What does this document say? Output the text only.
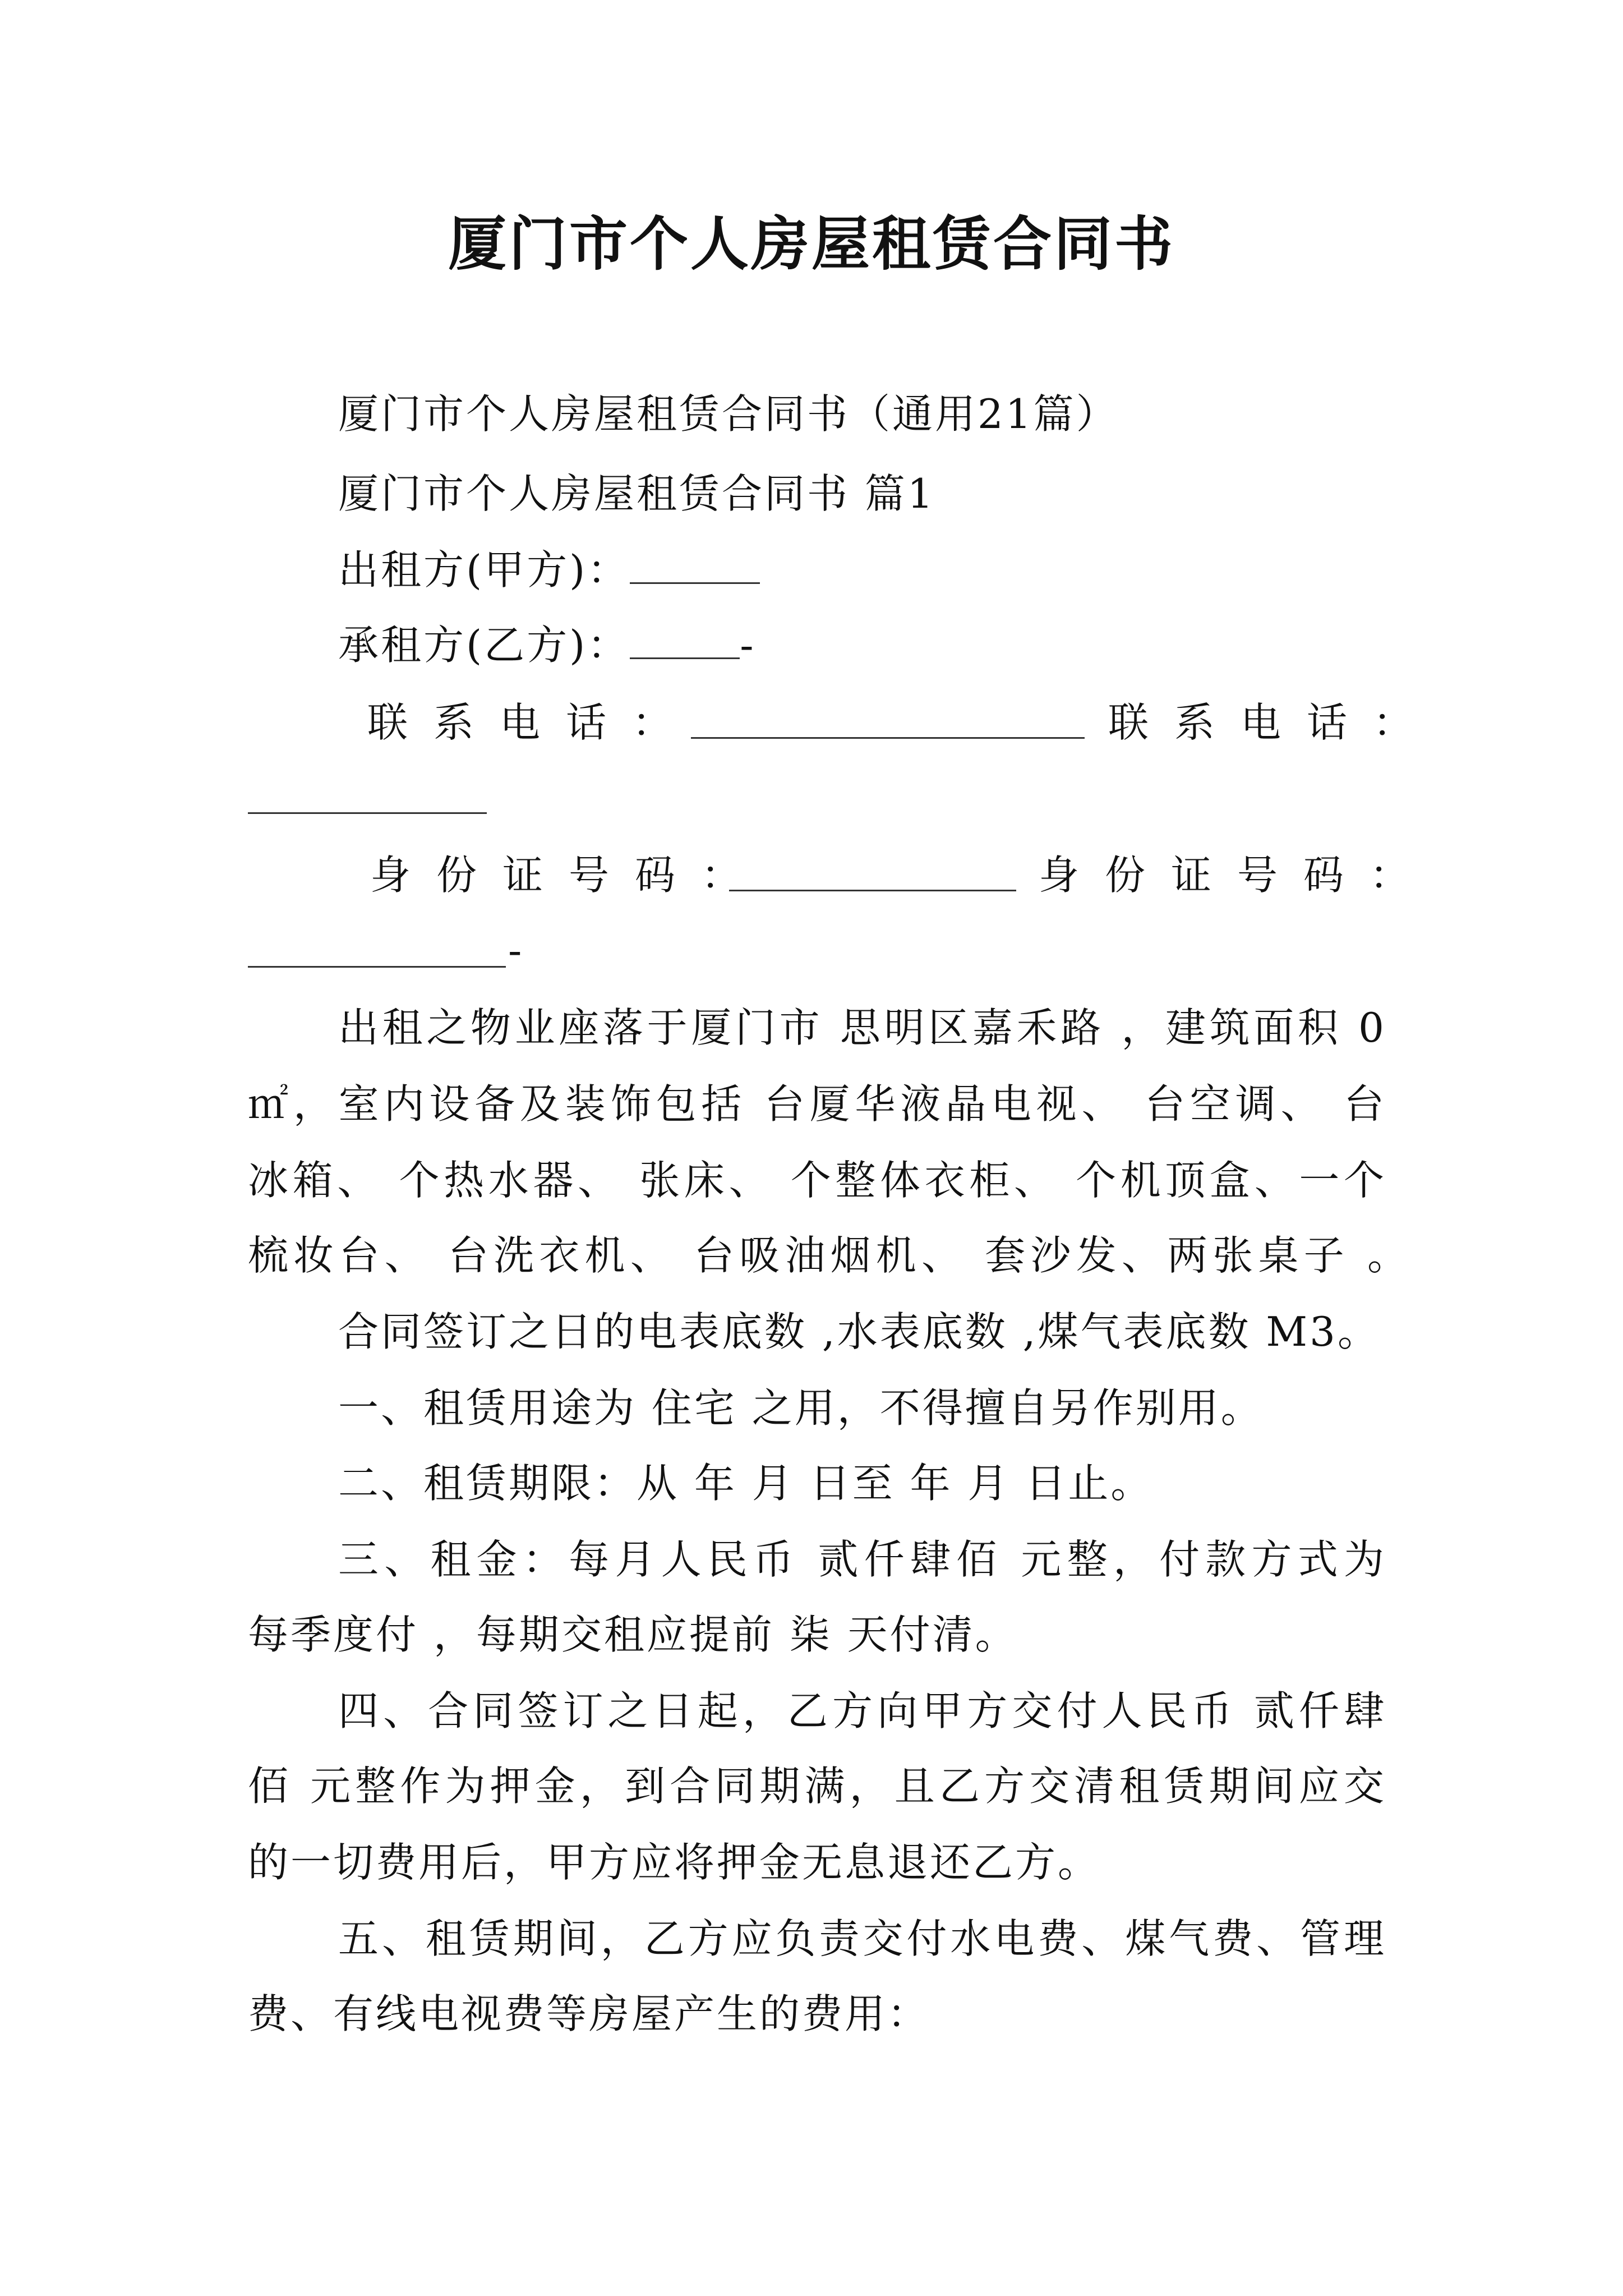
厦门市个人房屋租赁合同书
厦门市个人房屋租赁合同书（通用21篇）
厦门市个人房屋租赁合同书 篇1
出租方(甲方)：
承租方(乙方)：	-
联系电话：	联系电话：
身份证号码：	身份证号码：
-
出租之物业座落于厦门市 思明区嘉禾路 ，建筑面积 0
㎡，室内设备及装饰包括 台厦华液晶电视、 台空调、 台
冰箱、 个热水器、 张床、 个整体衣柜、 个机顶盒、一个
梳妆台、 台洗衣机、 台吸油烟机、 套沙发、两张桌子 。
合同签订之日的电表底数 ,水表底数 ,煤气表底数 M3。
一、租赁用途为 住宅 之用，不得擅自另作别用。
二、租赁期限：从 年 月 日至 年 月 日止。
三、租金：每月人民币 贰仟肆佰 元整，付款方式为
每季度付 ，每期交租应提前 柒 天付清。
四、合同签订之日起，乙方向甲方交付人民币 贰仟肆
佰 元整作为押金，到合同期满，且乙方交清租赁期间应交
的一切费用后，甲方应将押金无息退还乙方。
五、租赁期间，乙方应负责交付水电费、煤气费、管理
费、有线电视费等房屋产生的费用：
